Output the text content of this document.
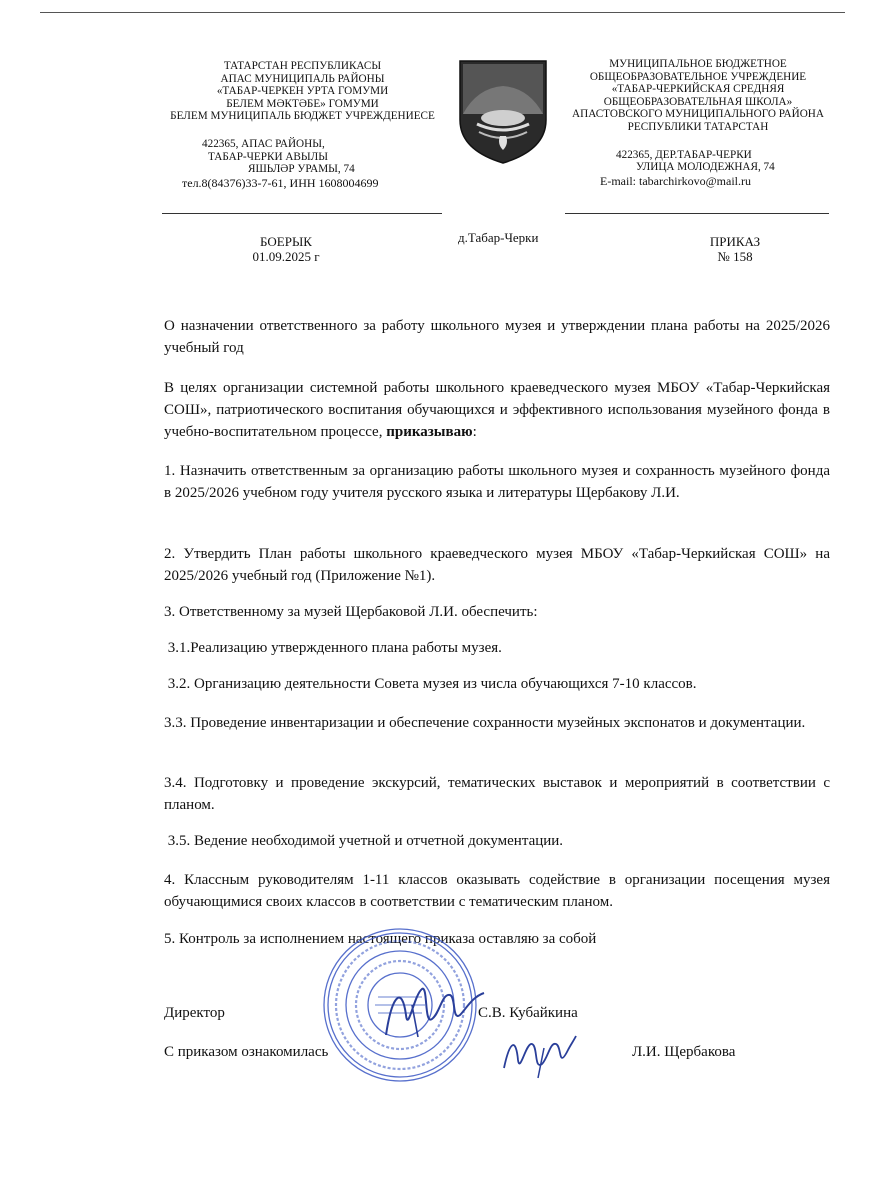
ТАТАРСТАН РЕСПУБЛИКАСЫ
АПАС МУНИЦИПАЛЬ РАЙОНЫ
«ТАБАР-ЧЕРКЕН УРТА ГОМУМИ
БЕЛЕМ МӘКТӘБЕ» ГОМУМИ
БЕЛЕМ МУНИЦИПАЛЬ БЮДЖЕТ УЧРЕЖДЕНИЕСЕ
422365, АПАС РАЙОНЫ,
ТАБАР-ЧЕРКИ АВЫЛЫ
ЯШЬЛӘР УРАМЫ, 74
тел.8(84376)33-7-61, ИНН 1608004699
МУНИЦИПАЛЬНОЕ БЮДЖЕТНОЕ
ОБЩЕОБРАЗОВАТЕЛЬНОЕ УЧРЕЖДЕНИЕ
«ТАБАР-ЧЕРКИЙСКАЯ СРЕДНЯЯ
ОБЩЕОБРАЗОВАТЕЛЬНАЯ ШКОЛА»
АПАСТОВСКОГО МУНИЦИПАЛЬНОГО РАЙОНА
РЕСПУБЛИКИ ТАТАРСТАН
422365, ДЕР.ТАБАР-ЧЕРКИ
УЛИЦА МОЛОДЕЖНАЯ, 74
E-mail: tabarchirkovo@mail.ru
БОЕРЫК
01.09.2025 г
д.Табар-Черки	ПРИКАЗ
№ 158
О назначении ответственного за работу школьного музея и утверждении плана работы на 2025/2026 учебный год
В целях организации системной работы школьного краеведческого музея МБОУ «Табар-Черкийская СОШ», патриотического воспитания обучающихся и эффективного использования музейного фонда в учебно-воспитательном процессе, приказываю:
1. Назначить ответственным за организацию работы школьного музея и сохранность музейного фонда в 2025/2026 учебном году учителя русского языка и литературы Щербакову Л.И.
2. Утвердить План работы школьного краеведческого музея МБОУ «Табар-Черкийская СОШ» на 2025/2026 учебный год (Приложение №1).
3. Ответственному за музей Щербаковой Л.И. обеспечить:
3.1.Реализацию утвержденного плана работы музея.
3.2. Организацию деятельности Совета музея из числа обучающихся 7-10 классов.
3.3. Проведение инвентаризации и обеспечение сохранности музейных экспонатов и документации.
3.4. Подготовку и проведение экскурсий, тематических выставок и мероприятий в соответствии с планом.
3.5. Ведение необходимой учетной и отчетной документации.
4. Классным руководителям 1-11 классов оказывать содействие в организации посещения музея обучающимися своих классов в соответствии с тематическим планом.
5. Контроль за исполнением настоящего приказа оставляю за собой
Директор	С.В. Кубайкина
С приказом ознакомилась	Л.И. Щербакова
